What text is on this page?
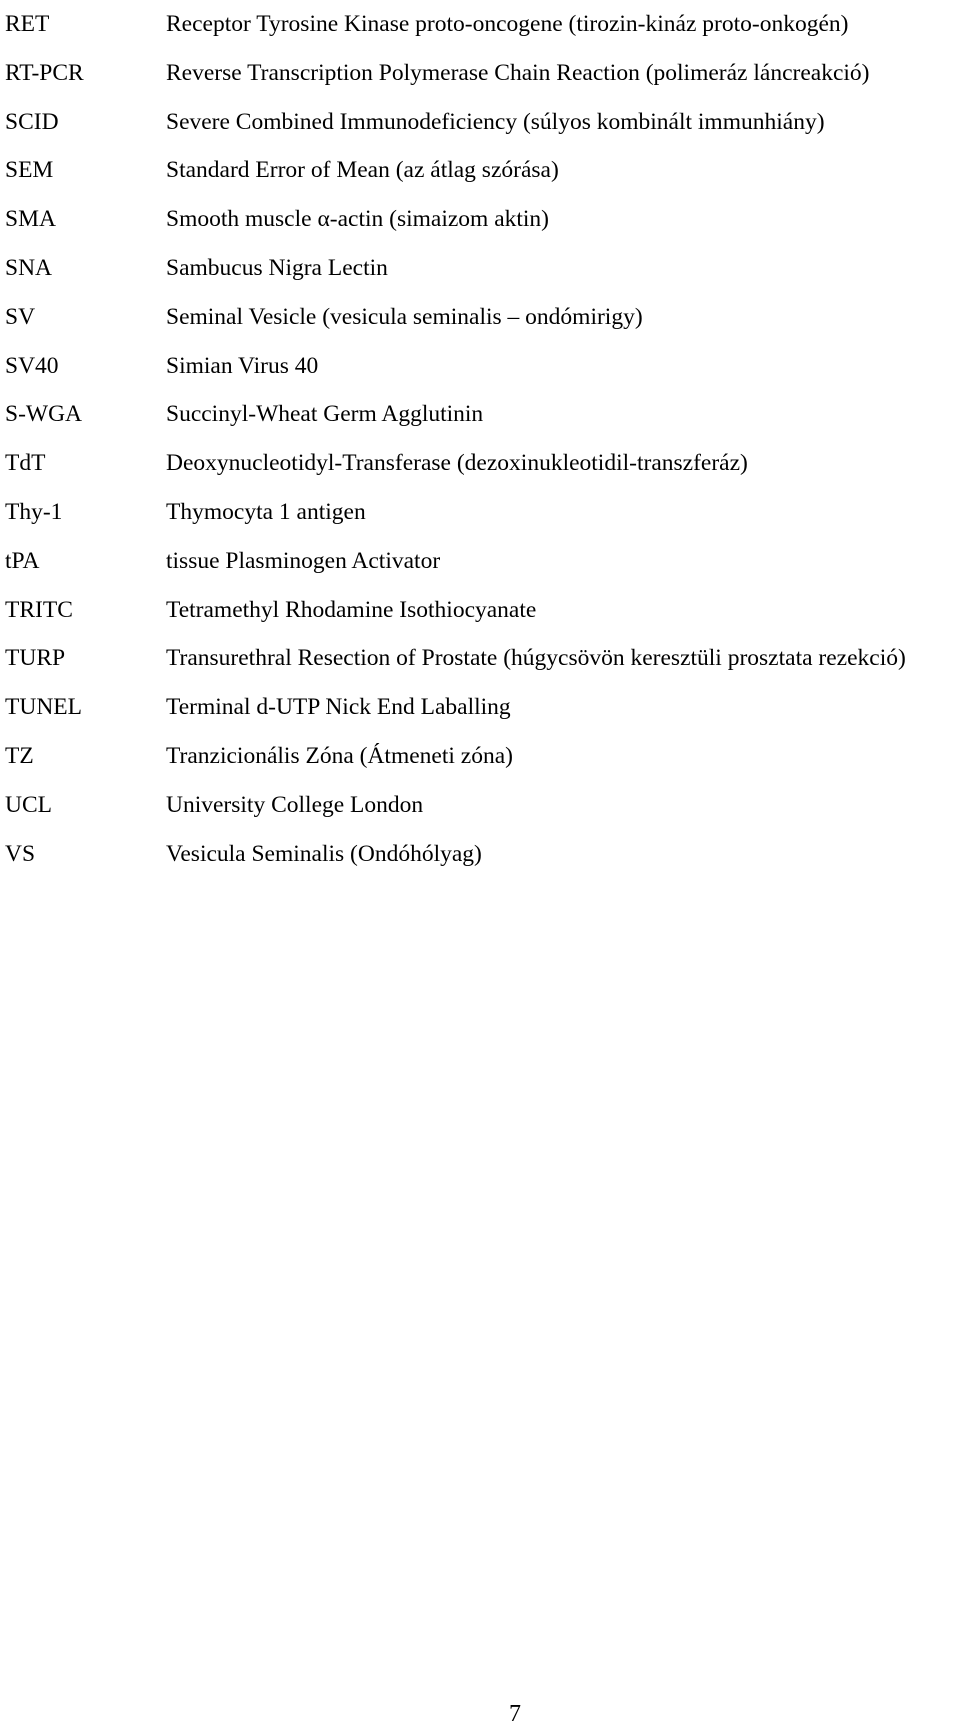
RET	Receptor Tyrosine Kinase proto-oncogene (tirozin-kináz proto-onkogén)
RT-PCR	Reverse Transcription Polymerase Chain Reaction (polimeráz láncreakció)
SCID	Severe Combined Immunodeficiency (súlyos kombinált immunhiány)
SEM	Standard Error of Mean (az átlag szórása)
SMA	Smooth muscle α-actin (simaizom aktin)
SNA	Sambucus Nigra Lectin
SV	Seminal Vesicle (vesicula seminalis – ondómirigy)
SV40	Simian Virus 40
S-WGA	Succinyl-Wheat Germ Agglutinin
TdT	Deoxynucleotidyl-Transferase (dezoxinukleotidil-transzferáz)
Thy-1	Thymocyta 1 antigen
tPA	tissue Plasminogen Activator
TRITC	Tetramethyl Rhodamine Isothiocyanate
TURP	Transurethral Resection of Prostate (húgycsövön keresztüli prosztata rezekció)
TUNEL	Terminal d-UTP Nick End Laballing
TZ	Tranzicionális Zóna (Átmeneti zóna)
UCL	University College London
VS	Vesicula Seminalis (Ondóhólyag)
7
